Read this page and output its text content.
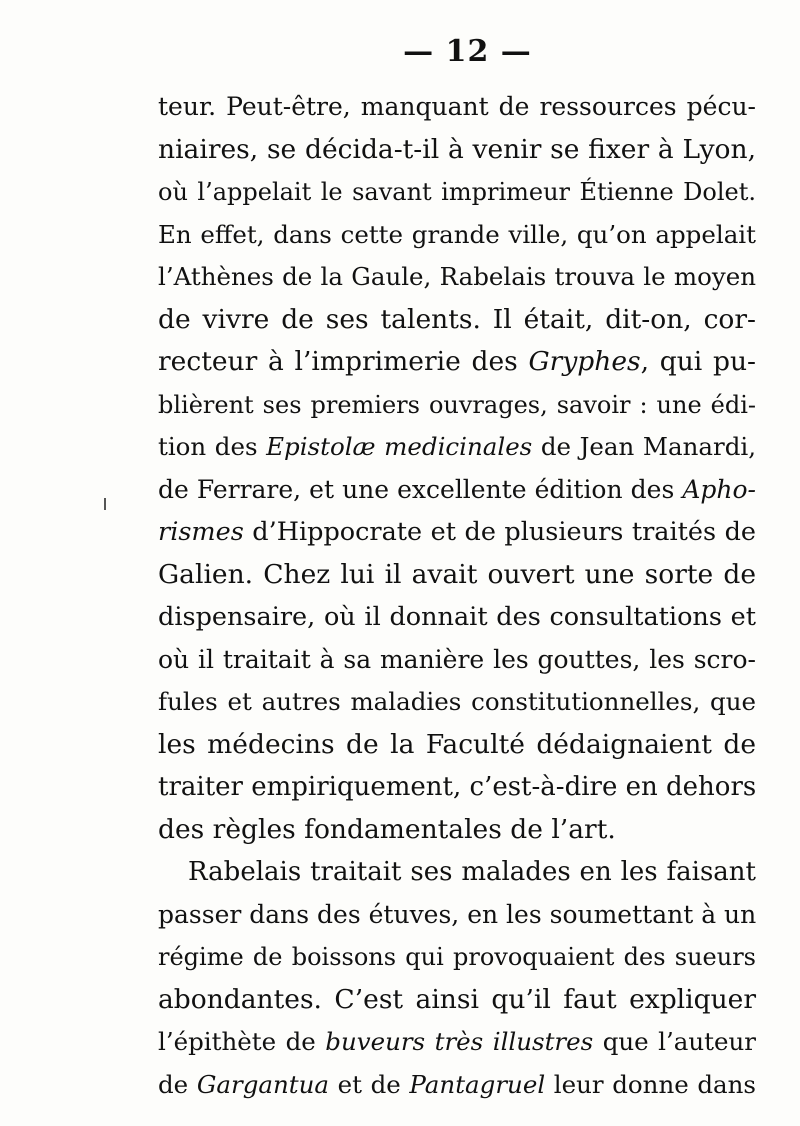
— 12 —
teur. Peut-être, manquant de ressources pécu-
niaires, se décida-t-il à venir se fixer à Lyon,
où l’appelait le savant imprimeur Étienne Dolet.
En effet, dans cette grande ville, qu’on appelait
l’Athènes de la Gaule, Rabelais trouva le moyen
de vivre de ses talents. Il était, dit-on, cor-
recteur à l’imprimerie des Gryphes, qui pu-
blièrent ses premiers ouvrages, savoir : une édi-
tion des Epistolæ medicinales de Jean Manardi,
de Ferrare, et une excellente édition des Apho-
rismes d’Hippocrate et de plusieurs traités de
Galien. Chez lui il avait ouvert une sorte de
dispensaire, où il donnait des consultations et
où il traitait à sa manière les gouttes, les scro-
fules et autres maladies constitutionnelles, que
les médecins de la Faculté dédaignaient de
traiter empiriquement, c’est-à-dire en dehors
des règles fondamentales de l’art.
Rabelais traitait ses malades en les faisant
passer dans des étuves, en les soumettant à un
régime de boissons qui provoquaient des sueurs
abondantes. C’est ainsi qu’il faut expliquer
l’épithète de buveurs très illustres que l’auteur
de Gargantua et de Pantagruel leur donne dans
